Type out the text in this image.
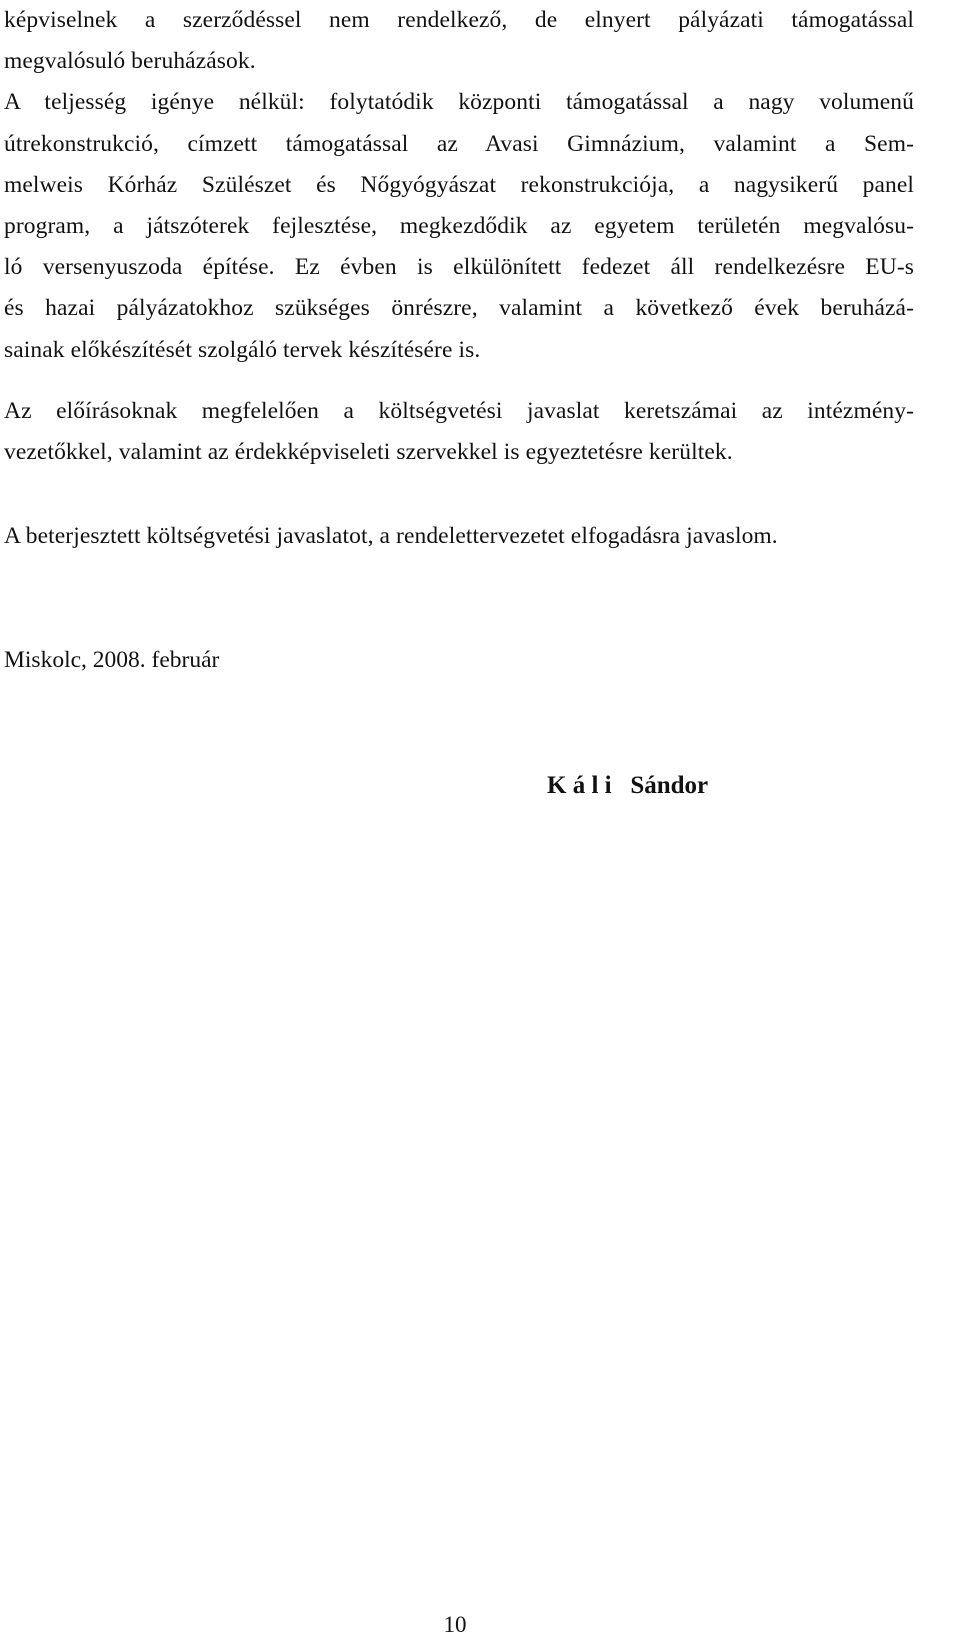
képviselnek a szerződéssel nem rendelkező, de elnyert pályázati támogatással
megvalósuló beruházások.
A teljesség igénye nélkül: folytatódik központi támogatással a nagy volumenű
útrekonstrukció, címzett támogatással az Avasi Gimnázium, valamint a Sem-
melweis Kórház Szülészet és Nőgyógyászat rekonstrukciója, a nagysikerű panel
program, a játszóterek fejlesztése, megkezdődik az egyetem területén megvalósu-
ló versenyuszoda építése. Ez évben is elkülönített fedezet áll rendelkezésre EU-s
és hazai pályázatokhoz szükséges önrészre, valamint a következő évek beruházá-
sainak előkészítését szolgáló tervek készítésére is.
Az előírásoknak megfelelően a költségvetési javaslat keretszámai az intézmény-
vezetőkkel, valamint az érdekképviseleti szervekkel is egyeztetésre kerültek.
A beterjesztett költségvetési javaslatot, a rendelettervezetet elfogadásra javaslom.
Miskolc, 2008. február
K á l i   Sándor
10
